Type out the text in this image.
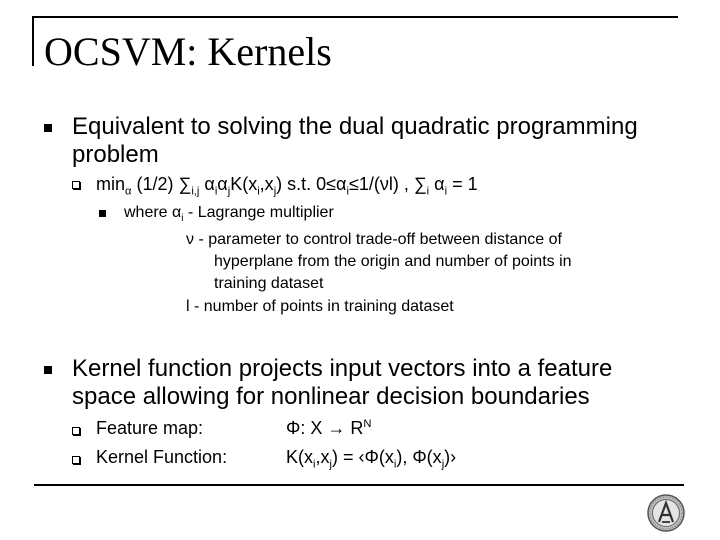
OCSVM: Kernels
Equivalent to solving the dual quadratic programming
problem
$\min_\alpha (1/2)$ $\sum_{i,j}$ $\alpha_i\alpha_jK(x_i,x_j)$ s.t. $0\le\alpha_i\le 1/(\nu l)$ , $\sum_i$ $\alpha_i = 1$
where $\alpha_i$ - Lagrange multiplier
ν - parameter to control trade-off between distance of
hyperplane from the origin and number of points in
training dataset
l - number of points in training dataset
Kernel function projects input vectors into a feature
space allowing for nonlinear decision boundaries
Feature map:	Φ: $X \to R^N$
Kernel Function:	$K(x_i,x_j)$ = $‹\Phi(x_i)$, $\Phi(x_j)›$
